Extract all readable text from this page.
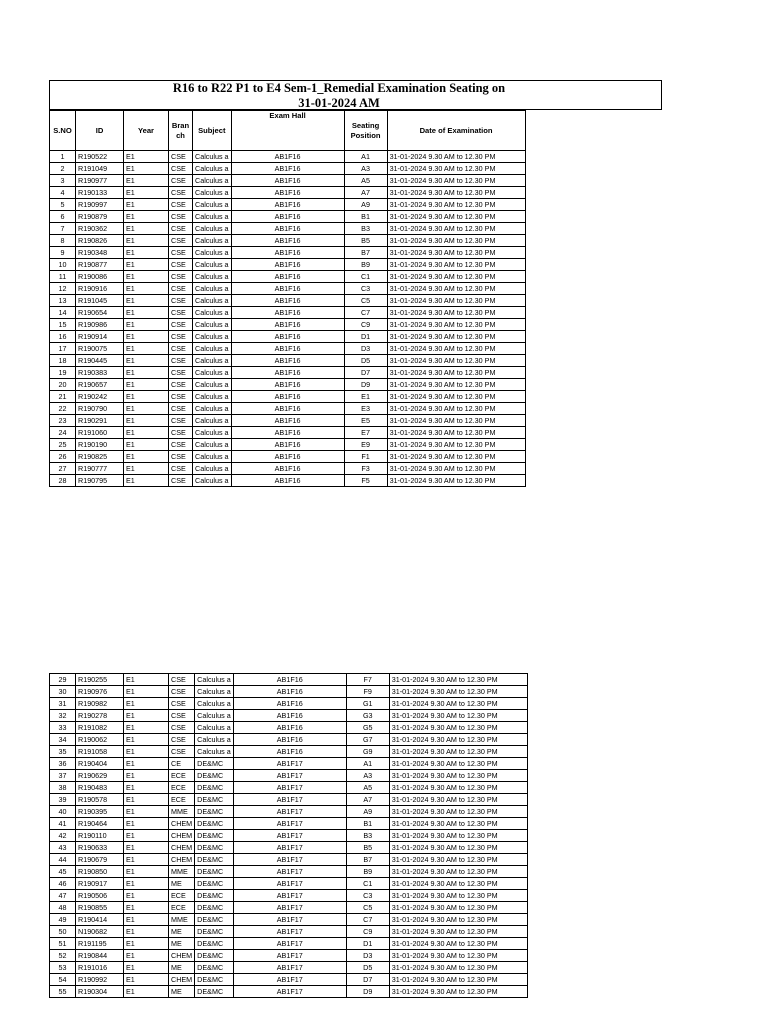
R16 to R22 P1 to E4 Sem-1_Remedial Examination Seating on
31-01-2024 AM
S.NO	ID	Year	Bran ch	Subject	Exam Hall	Seating Position	Date of Examination
1	R190522	E1	CSE	Calculus a	AB1F16	A1	31-01-2024 9.30 AM to 12.30 PM
2	R191049	E1	CSE	Calculus a	AB1F16	A3	31-01-2024 9.30 AM to 12.30 PM
3	R190977	E1	CSE	Calculus a	AB1F16	A5	31-01-2024 9.30 AM to 12.30 PM
4	R190133	E1	CSE	Calculus a	AB1F16	A7	31-01-2024 9.30 AM to 12.30 PM
5	R190997	E1	CSE	Calculus a	AB1F16	A9	31-01-2024 9.30 AM to 12.30 PM
6	R190879	E1	CSE	Calculus a	AB1F16	B1	31-01-2024 9.30 AM to 12.30 PM
7	R190362	E1	CSE	Calculus a	AB1F16	B3	31-01-2024 9.30 AM to 12.30 PM
8	R190826	E1	CSE	Calculus a	AB1F16	B5	31-01-2024 9.30 AM to 12.30 PM
9	R190348	E1	CSE	Calculus a	AB1F16	B7	31-01-2024 9.30 AM to 12.30 PM
10	R190877	E1	CSE	Calculus a	AB1F16	B9	31-01-2024 9.30 AM to 12.30 PM
11	R190086	E1	CSE	Calculus a	AB1F16	C1	31-01-2024 9.30 AM to 12.30 PM
12	R190916	E1	CSE	Calculus a	AB1F16	C3	31-01-2024 9.30 AM to 12.30 PM
13	R191045	E1	CSE	Calculus a	AB1F16	C5	31-01-2024 9.30 AM to 12.30 PM
14	R190654	E1	CSE	Calculus a	AB1F16	C7	31-01-2024 9.30 AM to 12.30 PM
15	R190986	E1	CSE	Calculus a	AB1F16	C9	31-01-2024 9.30 AM to 12.30 PM
16	R190914	E1	CSE	Calculus a	AB1F16	D1	31-01-2024 9.30 AM to 12.30 PM
17	R190075	E1	CSE	Calculus a	AB1F16	D3	31-01-2024 9.30 AM to 12.30 PM
18	R190445	E1	CSE	Calculus a	AB1F16	D5	31-01-2024 9.30 AM to 12.30 PM
19	R190383	E1	CSE	Calculus a	AB1F16	D7	31-01-2024 9.30 AM to 12.30 PM
20	R190657	E1	CSE	Calculus a	AB1F16	D9	31-01-2024 9.30 AM to 12.30 PM
21	R190242	E1	CSE	Calculus a	AB1F16	E1	31-01-2024 9.30 AM to 12.30 PM
22	R190790	E1	CSE	Calculus a	AB1F16	E3	31-01-2024 9.30 AM to 12.30 PM
23	R190291	E1	CSE	Calculus a	AB1F16	E5	31-01-2024 9.30 AM to 12.30 PM
24	R191060	E1	CSE	Calculus a	AB1F16	E7	31-01-2024 9.30 AM to 12.30 PM
25	R190190	E1	CSE	Calculus a	AB1F16	E9	31-01-2024 9.30 AM to 12.30 PM
26	R190825	E1	CSE	Calculus a	AB1F16	F1	31-01-2024 9.30 AM to 12.30 PM
27	R190777	E1	CSE	Calculus a	AB1F16	F3	31-01-2024 9.30 AM to 12.30 PM
28	R190795	E1	CSE	Calculus a	AB1F16	F5	31-01-2024 9.30 AM to 12.30 PM
29	R190255	E1	CSE	Calculus a	AB1F16	F7	31-01-2024 9.30 AM to 12.30 PM
30	R190976	E1	CSE	Calculus a	AB1F16	F9	31-01-2024 9.30 AM to 12.30 PM
31	R190982	E1	CSE	Calculus a	AB1F16	G1	31-01-2024 9.30 AM to 12.30 PM
32	R190278	E1	CSE	Calculus a	AB1F16	G3	31-01-2024 9.30 AM to 12.30 PM
33	R191082	E1	CSE	Calculus a	AB1F16	G5	31-01-2024 9.30 AM to 12.30 PM
34	R190062	E1	CSE	Calculus a	AB1F16	G7	31-01-2024 9.30 AM to 12.30 PM
35	R191058	E1	CSE	Calculus a	AB1F16	G9	31-01-2024 9.30 AM to 12.30 PM
36	R190404	E1	CE	DE&MC	AB1F17	A1	31-01-2024 9.30 AM to 12.30 PM
37	R190629	E1	ECE	DE&MC	AB1F17	A3	31-01-2024 9.30 AM to 12.30 PM
38	R190483	E1	ECE	DE&MC	AB1F17	A5	31-01-2024 9.30 AM to 12.30 PM
39	R190578	E1	ECE	DE&MC	AB1F17	A7	31-01-2024 9.30 AM to 12.30 PM
40	R190395	E1	MME	DE&MC	AB1F17	A9	31-01-2024 9.30 AM to 12.30 PM
41	R190464	E1	CHEM	DE&MC	AB1F17	B1	31-01-2024 9.30 AM to 12.30 PM
42	R190110	E1	CHEM	DE&MC	AB1F17	B3	31-01-2024 9.30 AM to 12.30 PM
43	R190633	E1	CHEM	DE&MC	AB1F17	B5	31-01-2024 9.30 AM to 12.30 PM
44	R190679	E1	CHEM	DE&MC	AB1F17	B7	31-01-2024 9.30 AM to 12.30 PM
45	R190850	E1	MME	DE&MC	AB1F17	B9	31-01-2024 9.30 AM to 12.30 PM
46	R190917	E1	ME	DE&MC	AB1F17	C1	31-01-2024 9.30 AM to 12.30 PM
47	R190506	E1	ECE	DE&MC	AB1F17	C3	31-01-2024 9.30 AM to 12.30 PM
48	R190855	E1	ECE	DE&MC	AB1F17	C5	31-01-2024 9.30 AM to 12.30 PM
49	R190414	E1	MME	DE&MC	AB1F17	C7	31-01-2024 9.30 AM to 12.30 PM
50	N190682	E1	ME	DE&MC	AB1F17	C9	31-01-2024 9.30 AM to 12.30 PM
51	R191195	E1	ME	DE&MC	AB1F17	D1	31-01-2024 9.30 AM to 12.30 PM
52	R190844	E1	CHEM	DE&MC	AB1F17	D3	31-01-2024 9.30 AM to 12.30 PM
53	R191016	E1	ME	DE&MC	AB1F17	D5	31-01-2024 9.30 AM to 12.30 PM
54	R190992	E1	CHEM	DE&MC	AB1F17	D7	31-01-2024 9.30 AM to 12.30 PM
55	R190304	E1	ME	DE&MC	AB1F17	D9	31-01-2024 9.30 AM to 12.30 PM
